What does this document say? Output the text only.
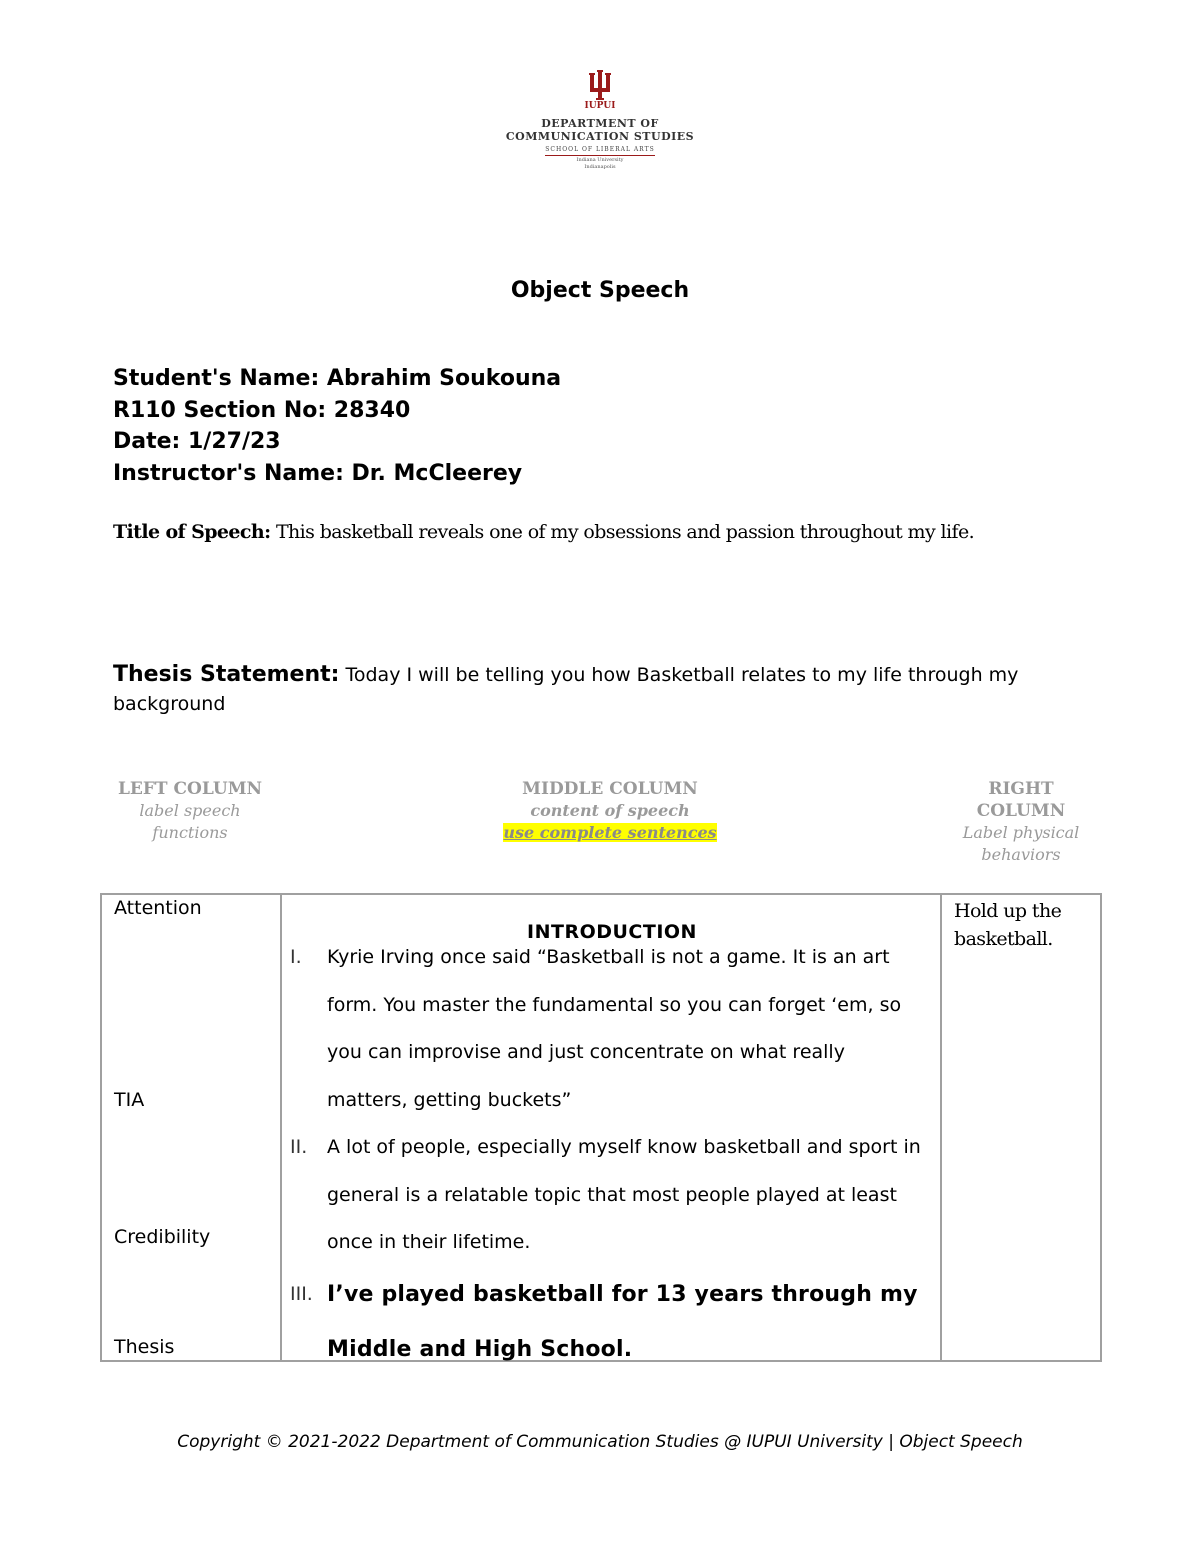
IUPUI
DEPARTMENT OF
COMMUNICATION STUDIES
SCHOOL OF LIBERAL ARTS
Indiana University
Indianapolis
Object Speech
Student's Name: Abrahim Soukouna
R110 Section No: 28340
Date: 1/27/23
Instructor's Name: Dr. McCleerey
Title of Speech: This basketball reveals one of my obsessions and passion throughout my life.
Thesis Statement: Today I will be telling you how Basketball relates to my life through my background
LEFT COLUMN
label speech
functions
MIDDLE COLUMN
content of speech
use complete sentences
RIGHT
COLUMN
Label physical
behaviors
Attention
TIA
Credibility
Thesis
INTRODUCTION
I.	Kyrie Irving once said “Basketball is not a game. It is an art form. You master the fundamental so you can forget ‘em, so you can improvise and just concentrate on what really matters, getting buckets”
II.	A lot of people, especially myself know basketball and sport in general is a relatable topic that most people played at least once in their lifetime.
III. I’ve played basketball for 13 years through my Middle and High School.
Hold up the basketball.
Copyright © 2021-2022 Department of Communication Studies @ IUPUI University | Object Speech
